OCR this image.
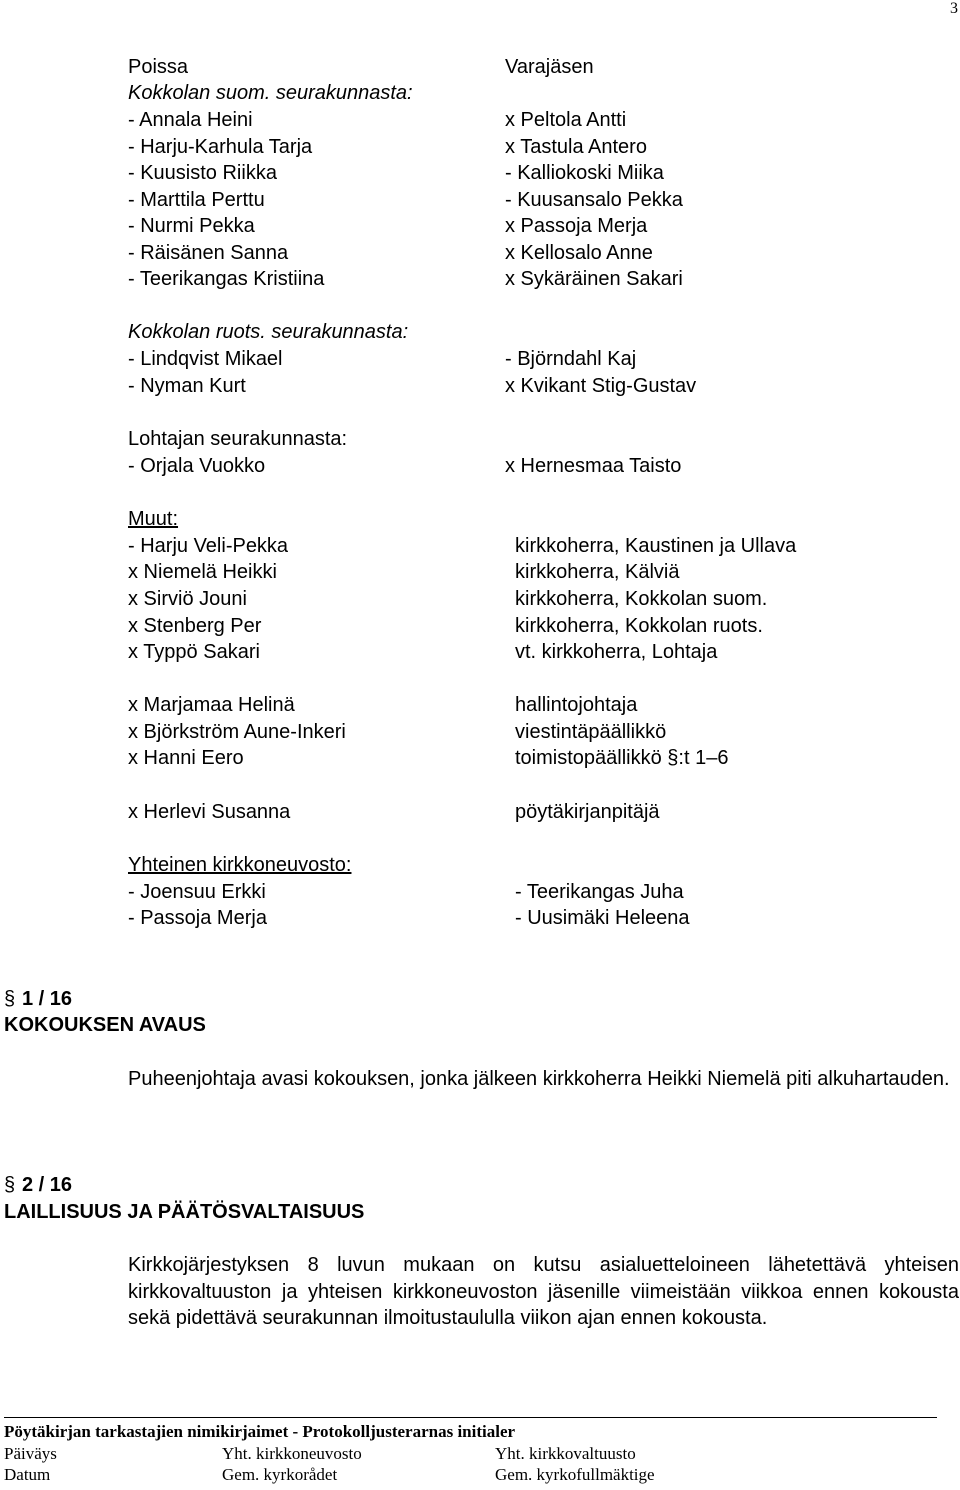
3
Poissa	Varajäsen
Kokkolan suom. seurakunnasta:
- Annala Heini	x Peltola Antti
- Harju-Karhula Tarja	x Tastula Antero
- Kuusisto Riikka	- Kalliokoski Miika
- Marttila Perttu	- Kuusansalo Pekka
- Nurmi Pekka	x Passoja Merja
- Räisänen Sanna	x Kellosalo Anne
- Teerikangas Kristiina	x Sykäräinen Sakari
Kokkolan ruots. seurakunnasta:
- Lindqvist Mikael	- Björndahl Kaj
- Nyman Kurt	x Kvikant Stig-Gustav
Lohtajan seurakunnasta:
- Orjala Vuokko	x Hernesmaa Taisto
Muut:
- Harju Veli-Pekka	kirkkoherra, Kaustinen ja Ullava
x Niemelä Heikki	kirkkoherra, Kälviä
x Sirviö Jouni	kirkkoherra, Kokkolan suom.
x Stenberg Per	kirkkoherra, Kokkolan ruots.
x Typpö Sakari	vt. kirkkoherra, Lohtaja
x Marjamaa Helinä	hallintojohtaja
x Björkström Aune-Inkeri	viestintäpäällikkö
x Hanni Eero	toimistopäällikkö §:t 1–6
x Herlevi Susanna	pöytäkirjanpitäjä
Yhteinen kirkkoneuvosto:
- Joensuu Erkki	- Teerikangas Juha
- Passoja Merja	- Uusimäki Heleena
§ 1 / 16
KOKOUKSEN AVAUS
Puheenjohtaja avasi kokouksen, jonka jälkeen kirkkoherra Heikki Niemelä piti alkuhartauden.
§ 2 / 16
LAILLISUUS JA PÄÄTÖSVALTAISUUS
Kirkkojärjestyksen 8 luvun mukaan on kutsu asialuetteloineen lähetettävä yhteisen kirkkovaltuuston ja yhteisen kirkkoneuvoston jäsenille viimeistään viikkoa ennen kokousta sekä pidettävä seurakunnan ilmoitustaululla viikon ajan ennen kokousta.
Pöytäkirjan tarkastajien nimikirjaimet - Protokolljusterarnas initialer
Päiväys	Yht. kirkkoneuvosto	Yht. kirkkovaltuusto
Datum	Gem. kyrkorådet	Gem. kyrkofullmäktige
